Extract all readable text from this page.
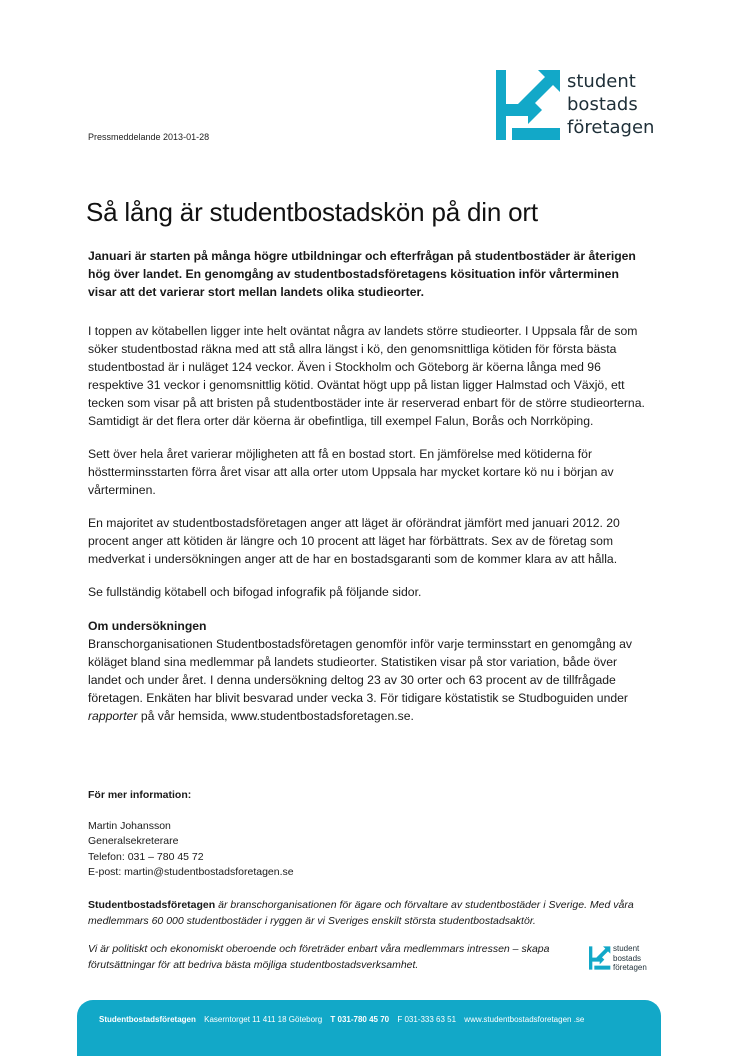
student
bostads
företagen
Pressmeddelande 2013-01-28
Så lång är studentbostadskön på din ort
Januari är starten på många högre utbildningar och efterfrågan på studentbostäder är återigen hög över landet. En genomgång av studentbostadsföretagens kösituation inför vårterminen visar att det varierar stort mellan landets olika studieorter.
I toppen av kötabellen ligger inte helt oväntat några av landets större studieorter. I Uppsala får de som söker studentbostad räkna med att stå allra längst i kö, den genomsnittliga kötiden för första bästa studentbostad är i nuläget 124 veckor. Även i Stockholm och Göteborg är köerna långa med 96 respektive 31 veckor i genomsnittlig kötid. Oväntat högt upp på listan ligger Halmstad och Växjö, ett tecken som visar på att bristen på studentbostäder inte är reserverad enbart för de större studieorterna. Samtidigt är det flera orter där köerna är obefintliga, till exempel Falun, Borås och Norrköping.
Sett över hela året varierar möjligheten att få en bostad stort. En jämförelse med kötiderna för höstterminsstarten förra året visar att alla orter utom Uppsala har mycket kortare kö nu i början av vårterminen.
En majoritet av studentbostadsföretagen anger att läget är oförändrat jämfört med januari 2012. 20 procent anger att kötiden är längre och 10 procent att läget har förbättrats. Sex av de företag som medverkat i undersökningen anger att de har en bostadsgaranti som de kommer klara av att hålla.
Se fullständig kötabell och bifogad infografik på följande sidor.
Om undersökningen
Branschorganisationen Studentbostadsföretagen genomför inför varje terminsstart en genomgång av köläget bland sina medlemmar på landets studieorter. Statistiken visar på stor variation, både över landet och under året. I denna undersökning deltog 23 av 30 orter och 63 procent av de tillfrågade företagen. Enkäten har blivit besvarad under vecka 3. För tidigare köstatistik se Studboguiden under rapporter på vår hemsida, www.studentbostadsforetagen.se.
För mer information:
Martin Johansson
Generalsekreterare
Telefon: 031 – 780 45 72
E-post: martin@studentbostadsforetagen.se
Studentbostadsföretagen är branschorganisationen för ägare och förvaltare av studentbostäder i Sverige. Med våra medlemmars 60 000 studentbostäder i ryggen är vi Sveriges enskilt största studentbostadsaktör.
Vi är politiskt och ekonomiskt oberoende och företräder enbart våra medlemmars intressen – skapa förutsättningar för att bedriva bästa möjliga studentbostadsverksamhet.
student
bostads
företagen
Studentbostadsföretagen Kaserntorget 11 411 18 Göteborg T 031-780 45 70 F 031-333 63 51 www.studentbostadsforetagen .se
